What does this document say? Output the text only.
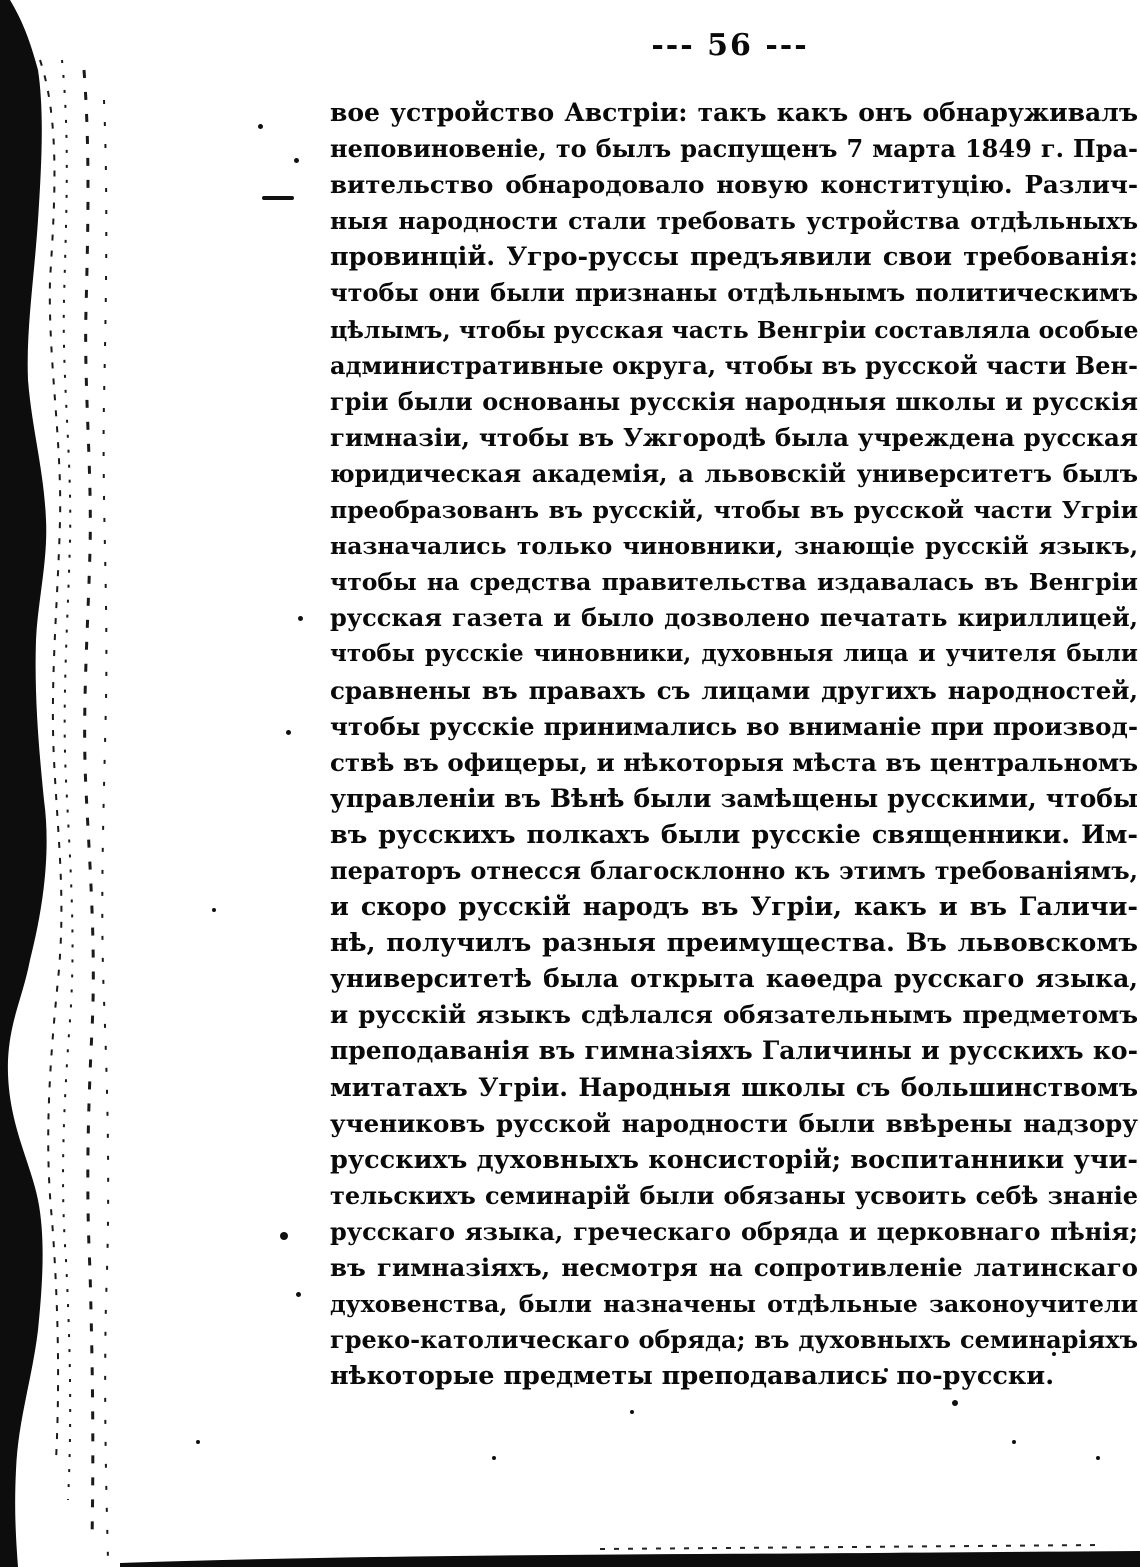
--- 56 ---
вое устройство Австріи: такъ какъ онъ обнаруживалъ
неповиновеніе, то былъ распущенъ 7 марта 1849 г. Пра-
вительство обнародовало новую конституцію. Различ-
ныя народности стали требовать устройства отдѣльныхъ
провинцій. Угро-руссы предъявили свои требованія:
чтобы они были признаны отдѣльнымъ политическимъ
цѣлымъ, чтобы русская часть Венгріи составляла особые
административные округа, чтобы въ русской части Вен-
гріи были основаны русскія народныя школы и русскія
гимназіи, чтобы въ Ужгородѣ была учреждена русская
юридическая академія, а львовскій университетъ былъ
преобразованъ въ русскій, чтобы въ русской части Угріи
назначались только чиновники, знающіе русскій языкъ,
чтобы на средства правительства издавалась въ Венгріи
русская газета и было дозволено печатать кириллицей,
чтобы русскіе чиновники, духовныя лица и учителя были
сравнены въ правахъ съ лицами другихъ народностей,
чтобы русскіе принимались во вниманіе при производ-
ствѣ въ офицеры, и нѣкоторыя мѣста въ центральномъ
управленіи въ Вѣнѣ были замѣщены русскими, чтобы
въ русскихъ полкахъ были русскіе священники. Им-
ператоръ отнесся благосклонно къ этимъ требованіямъ,
и скоро русскій народъ въ Угріи, какъ и въ Галичи-
нѣ, получилъ разныя преимущества. Въ львовскомъ
университетѣ была открыта каѳедра русскаго языка,
и русскій языкъ сдѣлался обязательнымъ предметомъ
преподаванія въ гимназіяхъ Галичины и русскихъ ко-
митатахъ Угріи. Народныя школы съ большинствомъ
учениковъ русской народности были ввѣрены надзору
русскихъ духовныхъ консисторій; воспитанники учи-
тельскихъ семинарій были обязаны усвоить себѣ знаніе
русскаго языка, греческаго обряда и церковнаго пѣнія;
въ гимназіяхъ, несмотря на сопротивленіе латинскаго
духовенства, были назначены отдѣльные законоучители
греко-католическаго обряда; въ духовныхъ семинаріяхъ
нѣкоторые предметы преподавались по-русски.
